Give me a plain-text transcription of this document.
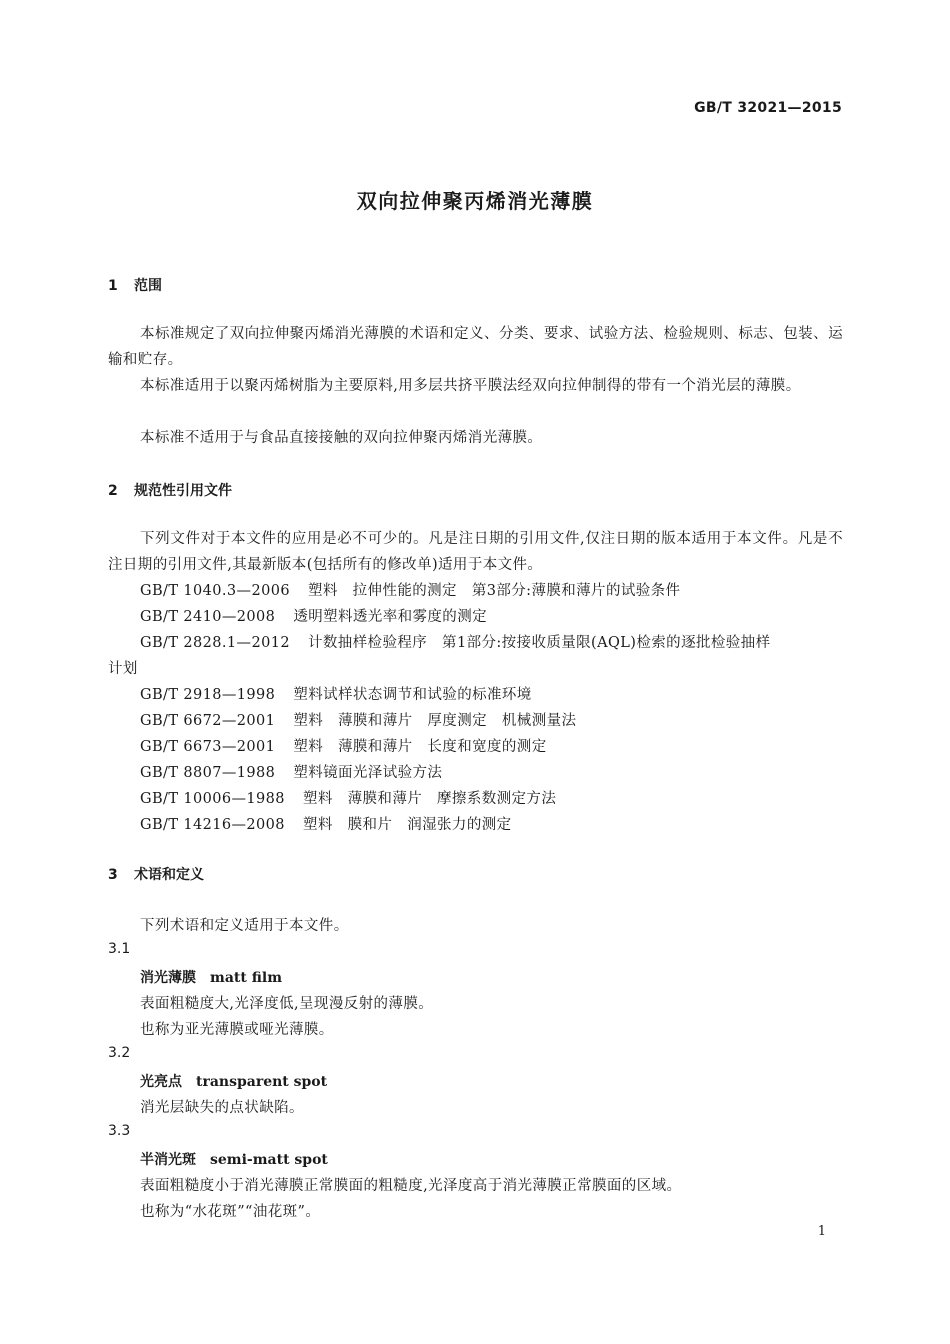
GB/T 32021—2015
双向拉伸聚丙烯消光薄膜
1 范围
本标准规定了双向拉伸聚丙烯消光薄膜的术语和定义、分类、要求、试验方法、检验规则、标志、包装、运输和贮存。
本标准适用于以聚丙烯树脂为主要原料,用多层共挤平膜法经双向拉伸制得的带有一个消光层的薄膜。
本标准不适用于与食品直接接触的双向拉伸聚丙烯消光薄膜。
2 规范性引用文件
下列文件对于本文件的应用是必不可少的。凡是注日期的引用文件,仅注日期的版本适用于本文件。凡是不注日期的引用文件,其最新版本(包括所有的修改单)适用于本文件。
GB/T 1040.3—2006 塑料　拉伸性能的测定　第3部分:薄膜和薄片的试验条件
GB/T 2410—2008 透明塑料透光率和雾度的测定
GB/T 2828.1—2012 计数抽样检验程序　第1部分:按接收质量限(AQL)检索的逐批检验抽样
计划
GB/T 2918—1998 塑料试样状态调节和试验的标准环境
GB/T 6672—2001 塑料　薄膜和薄片　厚度测定　机械测量法
GB/T 6673—2001 塑料　薄膜和薄片　长度和宽度的测定
GB/T 8807—1988 塑料镜面光泽试验方法
GB/T 10006—1988 塑料　薄膜和薄片　摩擦系数测定方法
GB/T 14216—2008 塑料　膜和片　润湿张力的测定
3 术语和定义
下列术语和定义适用于本文件。
3.1
消光薄膜 matt film
表面粗糙度大,光泽度低,呈现漫反射的薄膜。
也称为亚光薄膜或哑光薄膜。
3.2
光亮点 transparent spot
消光层缺失的点状缺陷。
3.3
半消光斑 semi-matt spot
表面粗糙度小于消光薄膜正常膜面的粗糙度,光泽度高于消光薄膜正常膜面的区域。
也称为“水花斑”“油花斑”。
1
